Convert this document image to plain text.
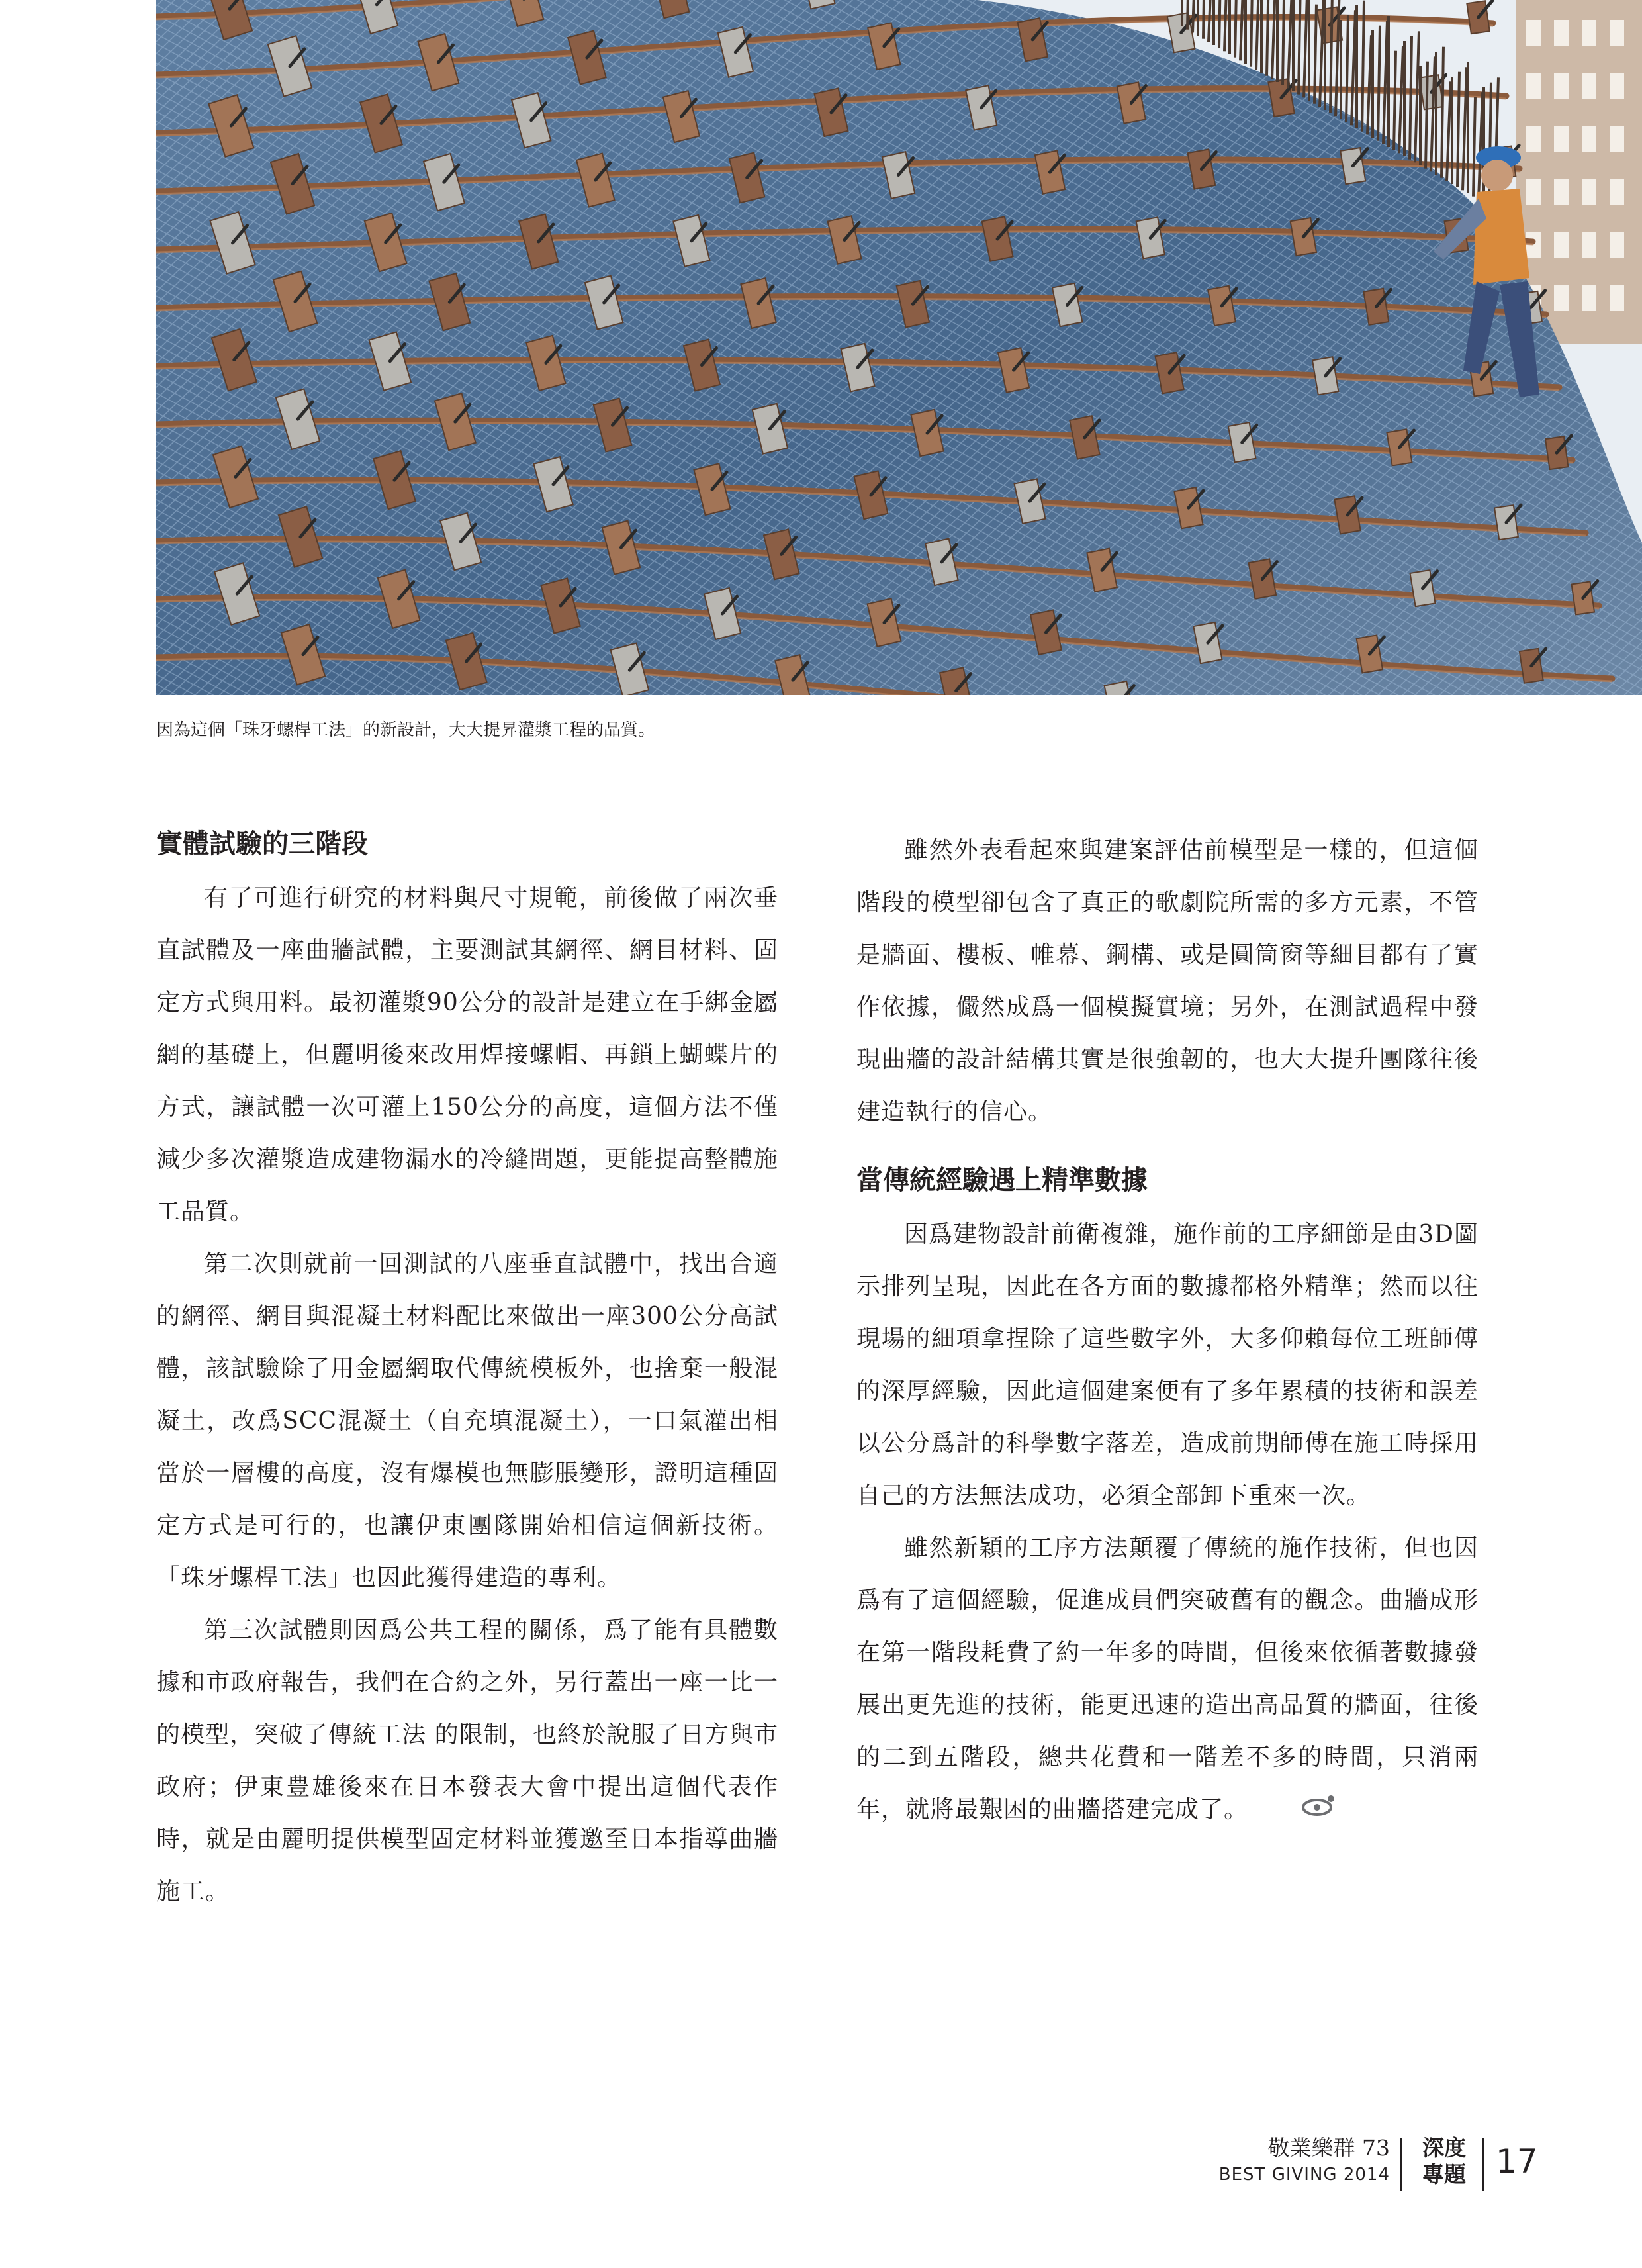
因為這個「珠牙螺桿工法」的新設計，大大提昇灌漿工程的品質。
實體試驗的三階段

有了可進行研究的材料與尺寸規範，前後做了兩次垂直試體及一座曲牆試體，主要測試其網徑、網目材料、固定方式與用料。最初灌漿90公分的設計是建立在手綁金屬網的基礎上，但麗明後來改用焊接螺帽、再鎖上蝴蝶片的方式，讓試體一次可灌上150公分的高度，這個方法不僅減少多次灌漿造成建物漏水的冷縫問題，更能提高整體施工品質。

第二次則就前一回測試的八座垂直試體中，找出合適的網徑、網目與混凝土材料配比來做出一座300公分高試體，該試驗除了用金屬網取代傳統模板外，也捨棄一般混凝土，改爲SCC混凝土（自充填混凝土），一口氣灌出相當於一層樓的高度，沒有爆模也無膨脹變形，證明這種固定方式是可行的，也讓伊東團隊開始相信這個新技術。「珠牙螺桿工法」也因此獲得建造的專利。

第三次試體則因爲公共工程的關係，爲了能有具體數據和市政府報告，我們在合約之外，另行蓋出一座一比一的模型，突破了傳統工法 的限制，也終於說服了日方與市政府；伊東豊雄後來在日本發表大會中提出這個代表作時，就是由麗明提供模型固定材料並獲邀至日本指導曲牆施工。

雖然外表看起來與建案評估前模型是一樣的，但這個階段的模型卻包含了真正的歌劇院所需的多方元素，不管是牆面、樓板、帷幕、鋼構、或是圓筒窗等細目都有了實作依據，儼然成爲一個模擬實境；另外，在測試過程中發現曲牆的設計結構其實是很強韌的，也大大提升團隊往後建造執行的信心。

當傳統經驗遇上精準數據

因爲建物設計前衛複雜，施作前的工序細節是由3D圖示排列呈現，因此在各方面的數據都格外精準；然而以往現場的細項拿捏除了這些數字外，大多仰賴每位工班師傅的深厚經驗，因此這個建案便有了多年累積的技術和誤差以公分爲計的科學數字落差，造成前期師傅在施工時採用自己的方法無法成功，必須全部卸下重來一次。

雖然新穎的工序方法顛覆了傳統的施作技術，但也因爲有了這個經驗，促進成員們突破舊有的觀念。曲牆成形在第一階段耗費了約一年多的時間，但後來依循著數據發展出更先進的技術，能更迅速的造出高品質的牆面，往後的二到五階段，總共花費和一階差不多的時間，只消兩年，就將最艱困的曲牆搭建完成了。

敬業樂群 73
BEST GIVING 2014
深度專題 17
